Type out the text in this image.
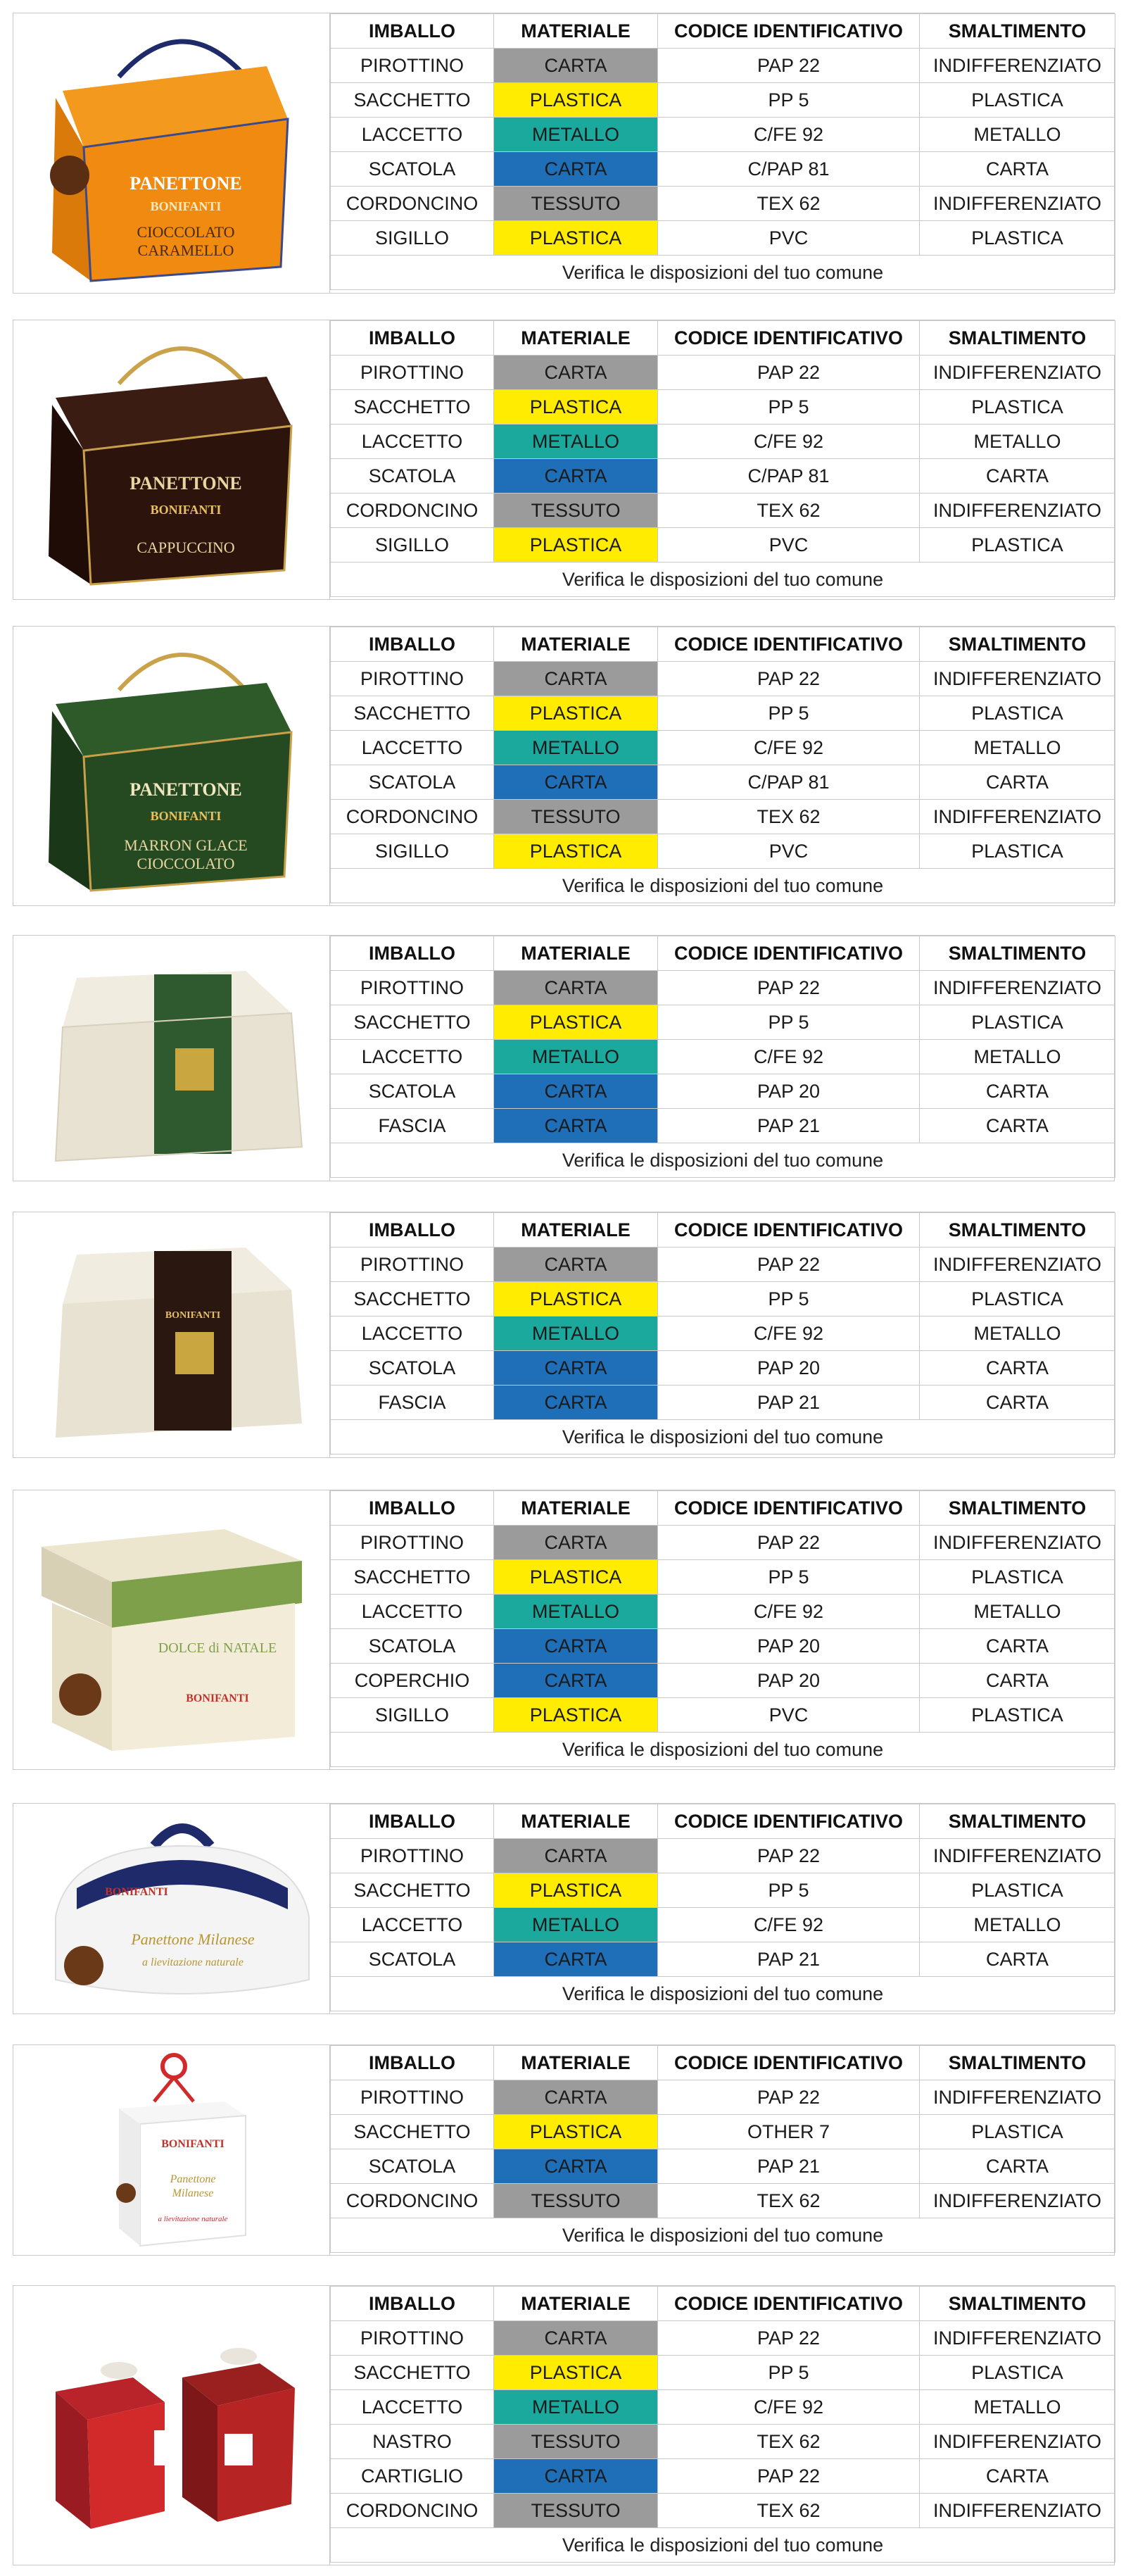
PANETTONE
BONIFANTI
CIOCCOLATO
CARAMELLO
IMBALLO	MATERIALE	CODICE IDENTIFICATIVO	SMALTIMENTO
PIROTTINO	CARTA	PAP 22	INDIFFERENZIATO
SACCHETTO	PLASTICA	PP 5	PLASTICA
LACCETTO	METALLO	C/FE 92	METALLO
SCATOLA	CARTA	C/PAP 81	CARTA
CORDONCINO	TESSUTO	TEX 62	INDIFFERENZIATO
SIGILLO	PLASTICA	PVC	PLASTICA
Verifica le disposizioni del tuo comune			
PANETTONE
BONIFANTI
CAPPUCCINO
IMBALLO	MATERIALE	CODICE IDENTIFICATIVO	SMALTIMENTO
PIROTTINO	CARTA	PAP 22	INDIFFERENZIATO
SACCHETTO	PLASTICA	PP 5	PLASTICA
LACCETTO	METALLO	C/FE 92	METALLO
SCATOLA	CARTA	C/PAP 81	CARTA
CORDONCINO	TESSUTO	TEX 62	INDIFFERENZIATO
SIGILLO	PLASTICA	PVC	PLASTICA
Verifica le disposizioni del tuo comune			
PANETTONE
BONIFANTI
MARRON GLACE
CIOCCOLATO
IMBALLO	MATERIALE	CODICE IDENTIFICATIVO	SMALTIMENTO
PIROTTINO	CARTA	PAP 22	INDIFFERENZIATO
SACCHETTO	PLASTICA	PP 5	PLASTICA
LACCETTO	METALLO	C/FE 92	METALLO
SCATOLA	CARTA	C/PAP 81	CARTA
CORDONCINO	TESSUTO	TEX 62	INDIFFERENZIATO
SIGILLO	PLASTICA	PVC	PLASTICA
Verifica le disposizioni del tuo comune			
IMBALLO	MATERIALE	CODICE IDENTIFICATIVO	SMALTIMENTO
PIROTTINO	CARTA	PAP 22	INDIFFERENZIATO
SACCHETTO	PLASTICA	PP 5	PLASTICA
LACCETTO	METALLO	C/FE 92	METALLO
SCATOLA	CARTA	PAP 20	CARTA
FASCIA	CARTA	PAP 21	CARTA
Verifica le disposizioni del tuo comune			
BONIFANTI
IMBALLO	MATERIALE	CODICE IDENTIFICATIVO	SMALTIMENTO
PIROTTINO	CARTA	PAP 22	INDIFFERENZIATO
SACCHETTO	PLASTICA	PP 5	PLASTICA
LACCETTO	METALLO	C/FE 92	METALLO
SCATOLA	CARTA	PAP 20	CARTA
FASCIA	CARTA	PAP 21	CARTA
Verifica le disposizioni del tuo comune			
DOLCE di NATALE
BONIFANTI
IMBALLO	MATERIALE	CODICE IDENTIFICATIVO	SMALTIMENTO
PIROTTINO	CARTA	PAP 22	INDIFFERENZIATO
SACCHETTO	PLASTICA	PP 5	PLASTICA
LACCETTO	METALLO	C/FE 92	METALLO
SCATOLA	CARTA	PAP 20	CARTA
COPERCHIO	CARTA	PAP 20	CARTA
SIGILLO	PLASTICA	PVC	PLASTICA
Verifica le disposizioni del tuo comune			
BONIFANTI
Panettone Milanese
a lievitazione naturale
IMBALLO	MATERIALE	CODICE IDENTIFICATIVO	SMALTIMENTO
PIROTTINO	CARTA	PAP 22	INDIFFERENZIATO
SACCHETTO	PLASTICA	PP 5	PLASTICA
LACCETTO	METALLO	C/FE 92	METALLO
SCATOLA	CARTA	PAP 21	CARTA
Verifica le disposizioni del tuo comune			
BONIFANTI
Panettone
Milanese
a lievitazione naturale
IMBALLO	MATERIALE	CODICE IDENTIFICATIVO	SMALTIMENTO
PIROTTINO	CARTA	PAP 22	INDIFFERENZIATO
SACCHETTO	PLASTICA	OTHER 7	PLASTICA
SCATOLA	CARTA	PAP 21	CARTA
CORDONCINO	TESSUTO	TEX 62	INDIFFERENZIATO
Verifica le disposizioni del tuo comune			
IMBALLO	MATERIALE	CODICE IDENTIFICATIVO	SMALTIMENTO
PIROTTINO	CARTA	PAP 22	INDIFFERENZIATO
SACCHETTO	PLASTICA	PP 5	PLASTICA
LACCETTO	METALLO	C/FE 92	METALLO
NASTRO	TESSUTO	TEX 62	INDIFFERENZIATO
CARTIGLIO	CARTA	PAP 22	CARTA
CORDONCINO	TESSUTO	TEX 62	INDIFFERENZIATO
Verifica le disposizioni del tuo comune			
